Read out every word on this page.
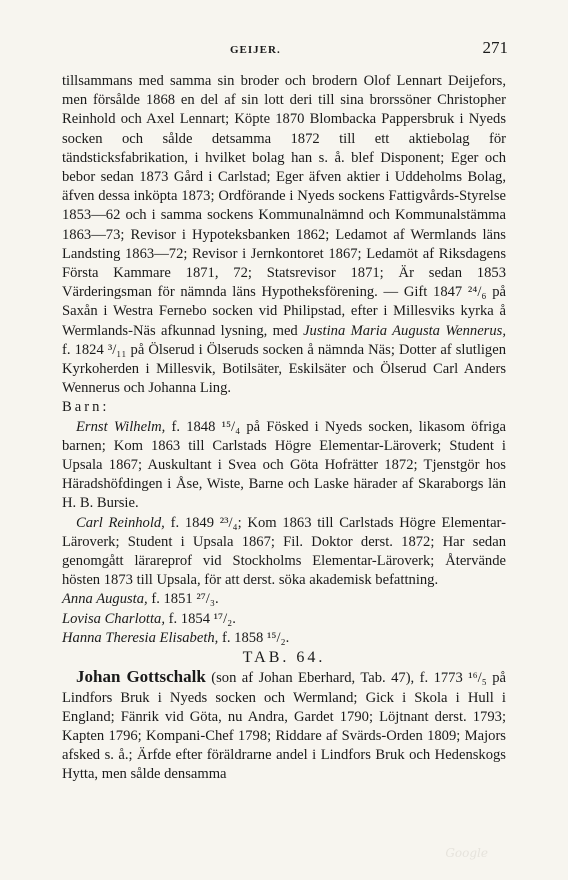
GEIJER.	271

tillsammans med samma sin broder och brodern Olof Lennart Deijefors, men försålde 1868 en del af sin lott deri till sina brorssöner Christopher Reinhold och Axel Lennart; Köpte 1870 Blombacka Pappersbruk i Nyeds socken och sålde detsamma 1872 till ett aktiebolag för tändsticksfabrikation, i hvilket bolag han s. å. blef Disponent; Eger och bebor sedan 1873 Gård i Carlstad; Eger äfven aktier i Uddeholms Bolag, äfven dessa inköpta 1873; Ordförande i Nyeds sockens Fattigvårds-Styrelse 1853—62 och i samma sockens Kommunalnämnd och Kommunalstämma 1863—73; Revisor i Hypoteksbanken 1862; Ledamot af Wermlands läns Landsting 1863—72; Revisor i Jernkontoret 1867; Ledamöt af Riksdagens Första Kammare 1871, 72; Statsrevisor 1871; Är sedan 1853 Värderingsman för nämnda läns Hypotheksförening. — Gift 1847 ²⁴/₆ på Saxån i Westra Fernebo socken vid Philipstad, efter i Millesviks kyrka å Wermlands-Näs afkunnad lysning, med Justina Maria Augusta Wennerus, f. 1824 ³/₁₁ på Ölserud i Ölseruds socken å nämnda Näs; Dotter af slutligen Kyrkoherden i Millesvik, Botilsäter, Eskilsäter och Ölserud Carl Anders Wennerus och Johanna Ling.

Barn:

Ernst Wilhelm, f. 1848 ¹⁵/₄ på Fösked i Nyeds socken, likasom öfriga barnen; Kom 1863 till Carlstads Högre Elementar-Läroverk; Student i Upsala 1867; Auskultant i Svea och Göta Hofrätter 1872; Tjenstgör hos Häradshöfdingen i Åse, Wiste, Barne och Laske härader af Skaraborgs län H. B. Bursie.

Carl Reinhold, f. 1849 ²³/₄; Kom 1863 till Carlstads Högre Elementar-Läroverk; Student i Upsala 1867; Fil. Doktor derst. 1872; Har sedan genomgått lärareprof vid Stockholms Elementar-Läroverk; Återvände hösten 1873 till Upsala, för att derst. söka akademisk befattning.

Anna Augusta, f. 1851 ²⁷/₃.

Lovisa Charlotta, f. 1854 ¹⁷/₂.

Hanna Theresia Elisabeth, f. 1858 ¹⁵/₂.

TAB. 64.

Johan Gottschalk (son af Johan Eberhard, Tab. 47), f. 1773 ¹⁶/₅ på Lindfors Bruk i Nyeds socken och Wermland; Gick i Skola i Hull i England; Fänrik vid Göta, nu Andra, Gardet 1790; Löjtnant derst. 1793; Kapten 1796; Kompani-Chef 1798; Riddare af Svärds-Orden 1809; Majors afsked s. å.; Ärfde efter föräldrarne andel i Lindfors Bruk och Hedenskogs Hytta, men sålde densamma

Google
